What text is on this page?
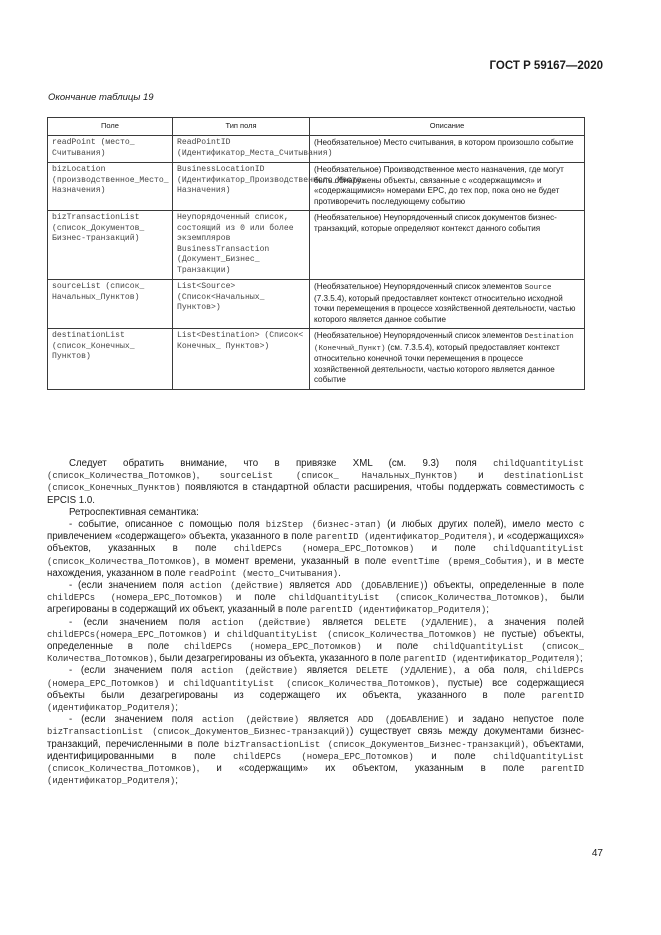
ГОСТ Р 59167—2020
Окончание таблицы 19
Поле	Тип поля	Описание
readPoint (место_ Считывания)	ReadPointID (Идентификатор_Места_Считывания)	(Необязательное) Место считывания, в котором произошло событие
bizLocation (производственное_Место_ Назначения)	BusinessLocationID (Идентификатор_Производственного_Места_ Назначения)	(Необязательное) Производственное место назначения, где могут быть обнаружены объекты, связанные с «содержащимся» и «содержащимися» номерами EPC, до тех пор, пока оно не будет противоречить последующему событию
bizTransactionList (список_Документов_ Бизнес-транзакций)	Неупорядоченный список, состоящий из 0 или более экземпляров BusinessTransaction (Документ_Бизнес_ Транзакции)	(Необязательное) Неупорядоченный список документов бизнес-транзакций, которые определяют контекст данного события
sourceList (список_ Начальных_Пунктов)	List<Source> (Список<Начальных_ Пунктов>)	(Необязательное) Неупорядоченный список элементов Source (7.3.5.4), который предоставляет контекст относительно исходной точки перемещения в процессе хозяйственной деятельности, частью которого является данное событие
destinationList (список_Конечных_ Пунктов)	List<Destination> (Список< Конечных_ Пунктов>)	(Необязательное) Неупорядоченный список элементов Destination (Конечный_Пункт) (см. 7.3.5.4), который предоставляет контекст относительно конечной точки перемещения в процессе хозяйственной деятельности, частью которого является данное событие

Следует обратить внимание, что в привязке XML (см. 9.3) поля childQuantityList (список_Количества_Потомков), sourceList (список_ Начальных_Пунктов) и destinationList (список_Конечных_Пунктов) появляются в стандартной области расширения, чтобы поддержать совместимость с EPCIS 1.0.

Ретроспективная семантика:

- событие, описанное с помощью поля bizStep (бизнес-этап) (и любых других полей), имело место с привлечением «содержащего» объекта, указанного в поле parentID (идентификатор_Родителя), и «содержащихся» объектов, указанных в поле childEPCs (номера_EPC_Потомков) и поле childQuantityList (список_Количества_Потомков), в момент времени, указанный в поле eventTime (время_События), и в месте нахождения, указанном в поле readPoint (место_Считывания).

- (если значением поля action (действие) является ADD (ДОБАВЛЕНИЕ)) объекты, определенные в поле childEPCs (номера_EPC_Потомков) и поле childQuantityList (список_Количества_Потомков), были агрегированы в содержащий их объект, указанный в поле parentID (идентификатор_Родителя);

- (если значением поля action (действие) является DELETE (УДАЛЕНИЕ), а значения полей childEPCs(номера_EPC_Потомков) и childQuantityList (список_Количества_Потомков) не пустые) объекты, определенные в поле childEPCs (номера_EPC_Потомков) и поле childQuantityList (список_ Количества_Потомков), были дезагрегированы из объекта, указанного в поле parentID (идентификатор_Родителя);

- (если значением поля action (действие) является DELETE (УДАЛЕНИЕ), а оба поля, childEPCs (номера_EPC_Потомков) и childQuantityList (список_Количества_Потомков), пустые) все содержащиеся объекты были дезагрегированы из содержащего их объекта, указанного в поле parentID (идентификатор_Родителя);

- (если значением поля action (действие) является ADD (ДОБАВЛЕНИЕ) и задано непустое поле bizTransactionList (список_Документов_Бизнес-транзакций)) существует связь между документами бизнес-транзакций, перечисленными в поле bizTransactionList (список_Документов_Бизнес-транзакций), объектами, идентифицированными в поле childEPCs (номера_EPC_Потомков) и поле childQuantityList (список_Количества_Потомков), и «содержащим» их объектом, указанным в поле parentID (идентификатор_Родителя);

47
